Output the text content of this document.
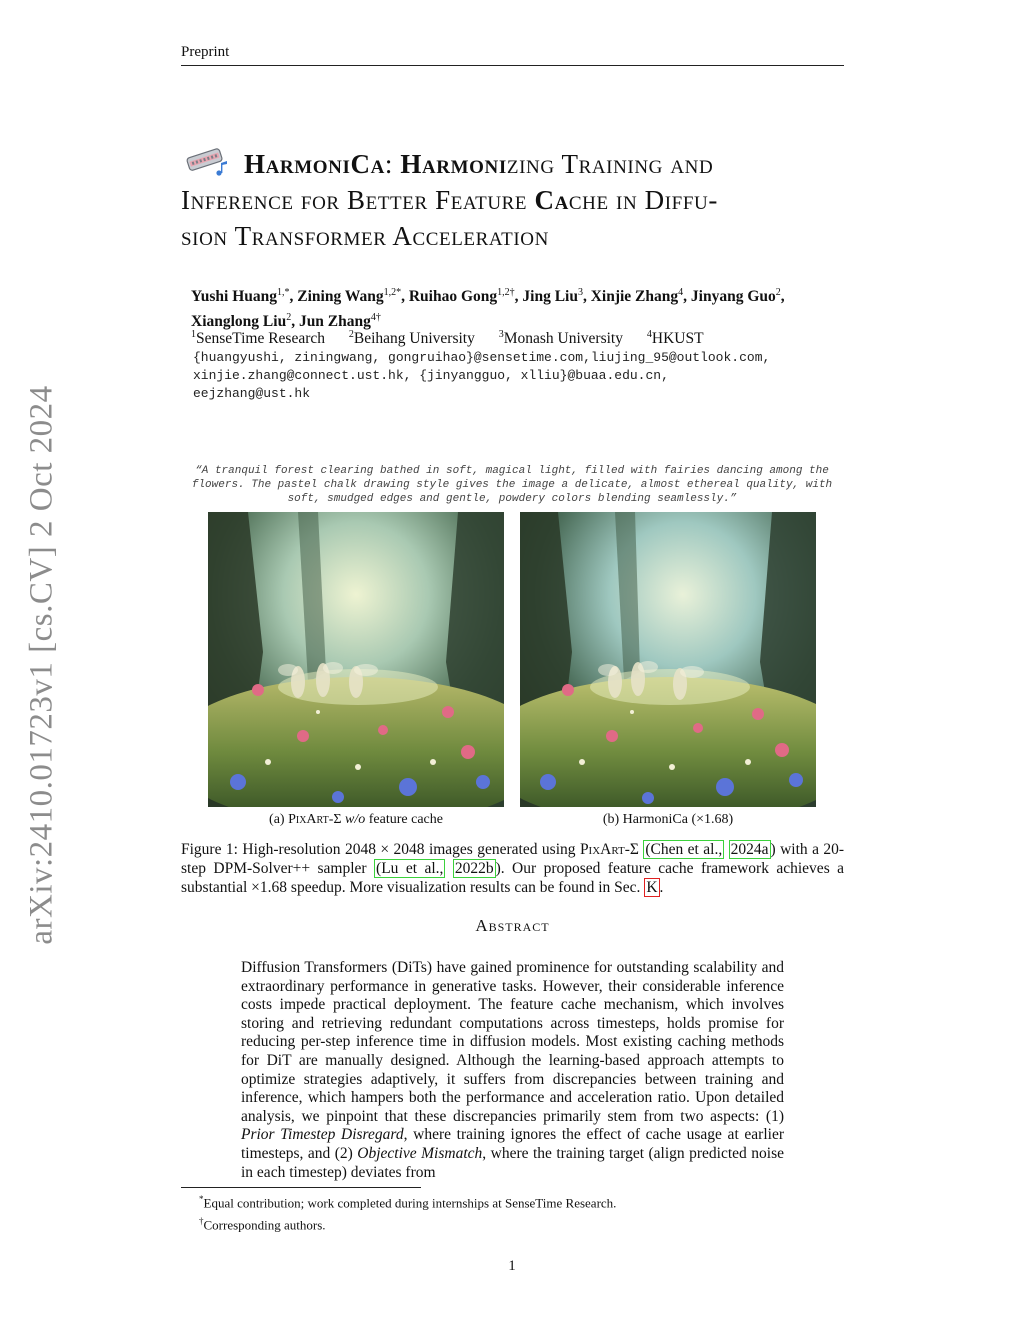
Preprint
arXiv:2410.01723v1 [cs.CV] 2 Oct 2024
HarmoniCa: Harmonizing Training and
Inference for Better Feature Cache in Diffu-
sion Transformer Acceleration
Yushi Huang$^{1,*}$, Zining Wang$^{1,2*}$, Ruihao Gong$^{1,2\dagger}$, Jing Liu$^3$, Xinjie Zhang$^4$, Jinyang Guo$^2$,
Xianglong Liu$^2$, Jun Zhang$^{4\dagger}$
$^1$SenseTime Research $^2$Beihang University $^3$Monash University $^4$HKUST
{huangyushi, ziningwang, gongruihao}@sensetime.com,liujing_95@outlook.com,
xinjie.zhang@connect.ust.hk, {jinyangguo, xlliu}@buaa.edu.cn,
eejzhang@ust.hk
“A tranquil forest clearing bathed in soft, magical light, filled with fairies dancing among the flowers. The pastel chalk drawing style gives the image a delicate, almost ethereal quality, with soft, smudged edges and gentle, powdery colors blending seamlessly.”
(a) PixArt-Σ w/o feature cache	(b) HarmoniCa (×1.68)
Figure 1: High-resolution 2048 × 2048 images generated using PixArt-Σ (Chen et al., 2024a ) with a 20-step DPM-Solver++ sampler (Lu et al., 2022b ). Our proposed feature cache framework achieves a substantial ×1.68 speedup. More visualization results can be found in Sec. K .
Abstract
Diffusion Transformers (DiTs) have gained prominence for outstanding scalability and extraordinary performance in generative tasks. However, their considerable inference costs impede practical deployment. The feature cache mechanism, which involves storing and retrieving redundant computations across timesteps, holds promise for reducing per-step inference time in diffusion models. Most existing caching methods for DiT are manually designed. Although the learning-based approach attempts to optimize strategies adaptively, it suffers from discrepancies between training and inference, which hampers both the performance and acceleration ratio. Upon detailed analysis, we pinpoint that these discrepancies primarily stem from two aspects: (1) Prior Timestep Disregard, where training ignores the effect of cache usage at earlier timesteps, and (2) Objective Mismatch, where the training target (align predicted noise in each timestep) deviates from
*Equal contribution; work completed during internships at SenseTime Research.
†Corresponding authors.
1
